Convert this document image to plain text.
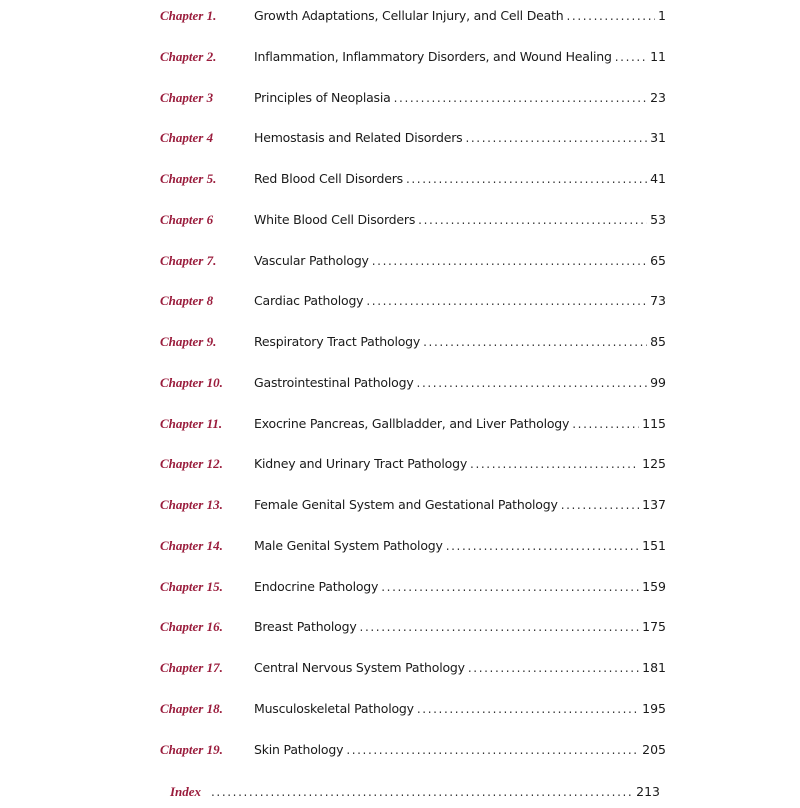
Chapter 1.	Growth Adaptations, Cellular Injury, and Cell Death .....	1
Chapter 2.	Inflammation, Inflammatory Disorders, and Wound Healing .....	11
Chapter 3	Principles of Neoplasia .....	23
Chapter 4	Hemostasis and Related Disorders .....	31
Chapter 5.	Red Blood Cell Disorders .....	41
Chapter 6	White Blood Cell Disorders .....	53
Chapter 7.	Vascular Pathology .....	65
Chapter 8	Cardiac Pathology .....	73
Chapter 9.	Respiratory Tract Pathology .....	85
Chapter 10.	Gastrointestinal Pathology .....	99
Chapter 11.	Exocrine Pancreas, Gallbladder, and Liver Pathology .....	115
Chapter 12.	Kidney and Urinary Tract Pathology .....	125
Chapter 13.	Female Genital System and Gestational Pathology .....	137
Chapter 14.	Male Genital System Pathology .....	151
Chapter 15.	Endocrine Pathology .....	159
Chapter 16.	Breast Pathology .....	175
Chapter 17.	Central Nervous System Pathology .....	181
Chapter 18.	Musculoskeletal Pathology .....	195
Chapter 19.	Skin Pathology .....	205
Index .....	213
